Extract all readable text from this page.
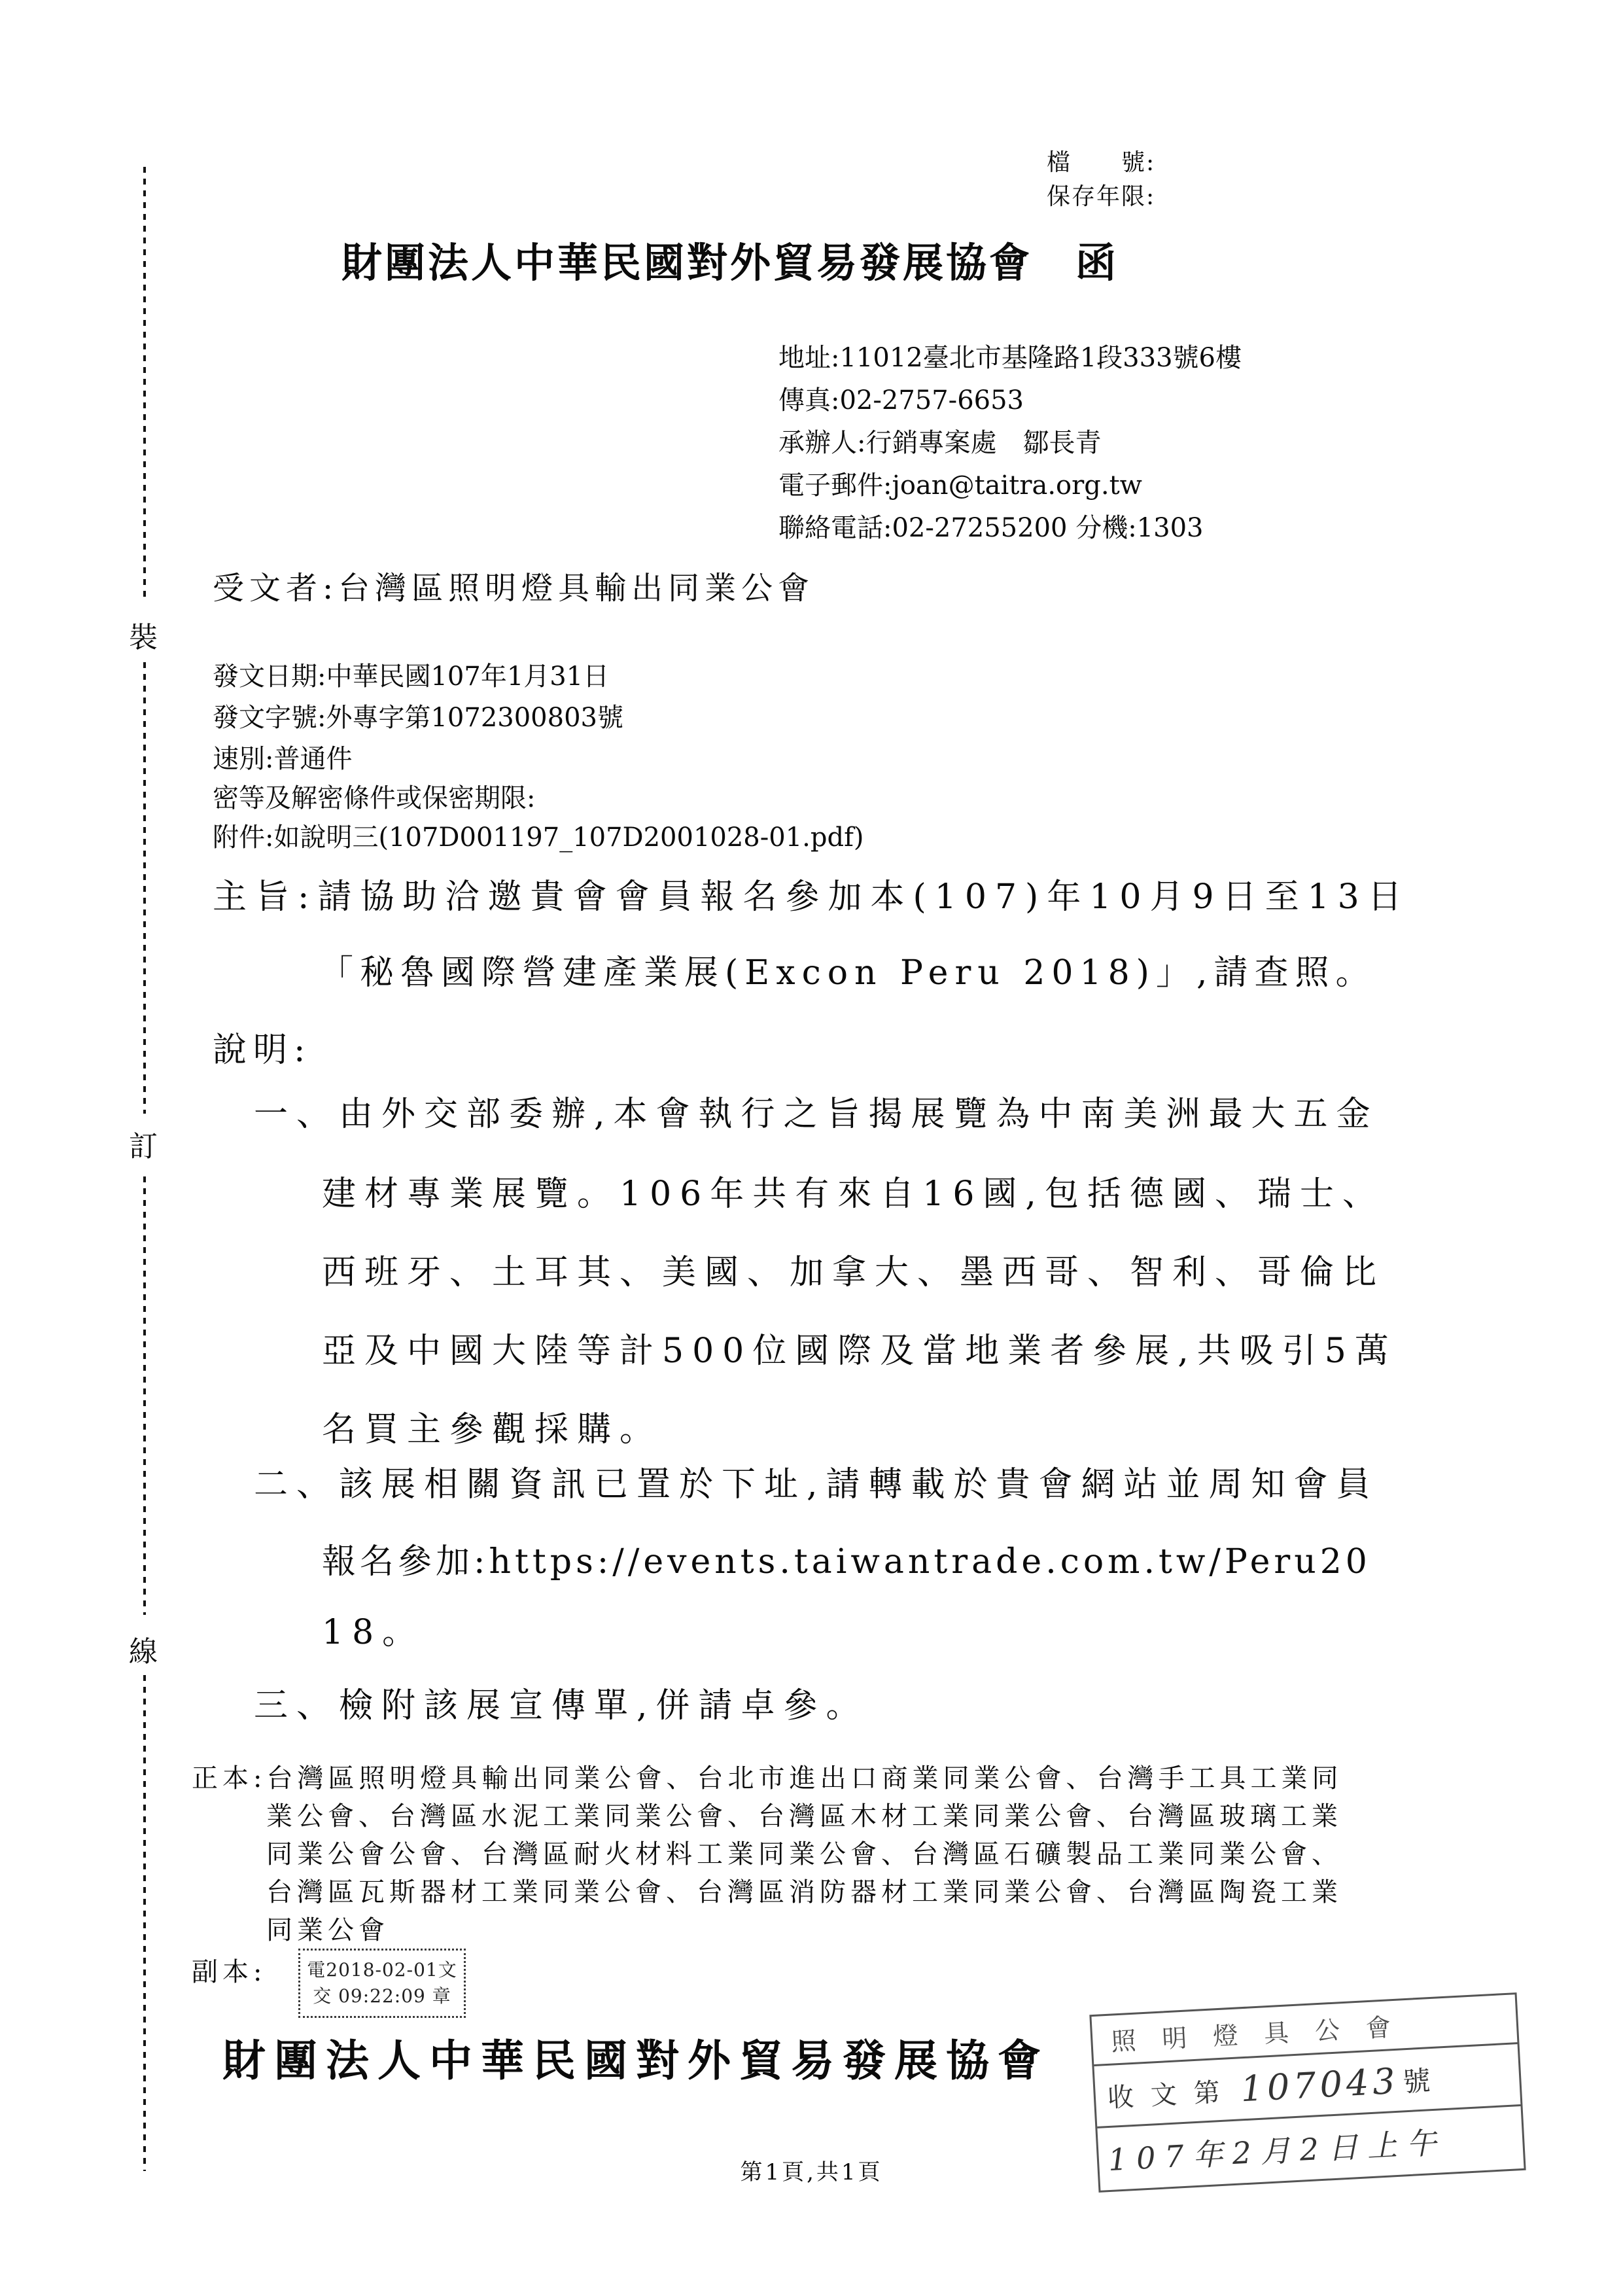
裝
訂
線
檔　　號:
保存年限:
財團法人中華民國對外貿易發展協會　函
地址:11012臺北市基隆路1段333號6樓
傳真:02-2757-6653
承辦人:行銷專案處　鄒長青
電子郵件:joan@taitra.org.tw
聯絡電話:02-27255200 分機:1303
受文者:台灣區照明燈具輸出同業公會
發文日期:中華民國107年1月31日
發文字號:外專字第1072300803號
速別:普通件
密等及解密條件或保密期限:
附件:如說明三(107D001197_107D2001028-01.pdf)
主旨:請協助洽邀貴會會員報名參加本(107)年10月9日至13日
「秘魯國際營建產業展(Excon Peru 2018)」,請查照。
說明:
一、由外交部委辦,本會執行之旨揭展覽為中南美洲最大五金
建材專業展覽。106年共有來自16國,包括德國、瑞士、
西班牙、土耳其、美國、加拿大、墨西哥、智利、哥倫比
亞及中國大陸等計500位國際及當地業者參展,共吸引5萬
名買主參觀採購。
二、該展相關資訊已置於下址,請轉載於貴會網站並周知會員
報名參加:https://events.taiwantrade.com.tw/Peru20
18。
三、檢附該展宣傳單,併請卓參。
正本:台灣區照明燈具輸出同業公會、台北市進出口商業同業公會、台灣手工具工業同
業公會、台灣區水泥工業同業公會、台灣區木材工業同業公會、台灣區玻璃工業
同業公會公會、台灣區耐火材料工業同業公會、台灣區石礦製品工業同業公會、
台灣區瓦斯器材工業同業公會、台灣區消防器材工業同業公會、台灣區陶瓷工業
同業公會
副本: 電2018-02-01文
交 09:22:09 章
財團法人中華民國對外貿易發展協會
照明燈具公會
收文第 107043 號
107年2月2日上午
第1頁,共1頁
